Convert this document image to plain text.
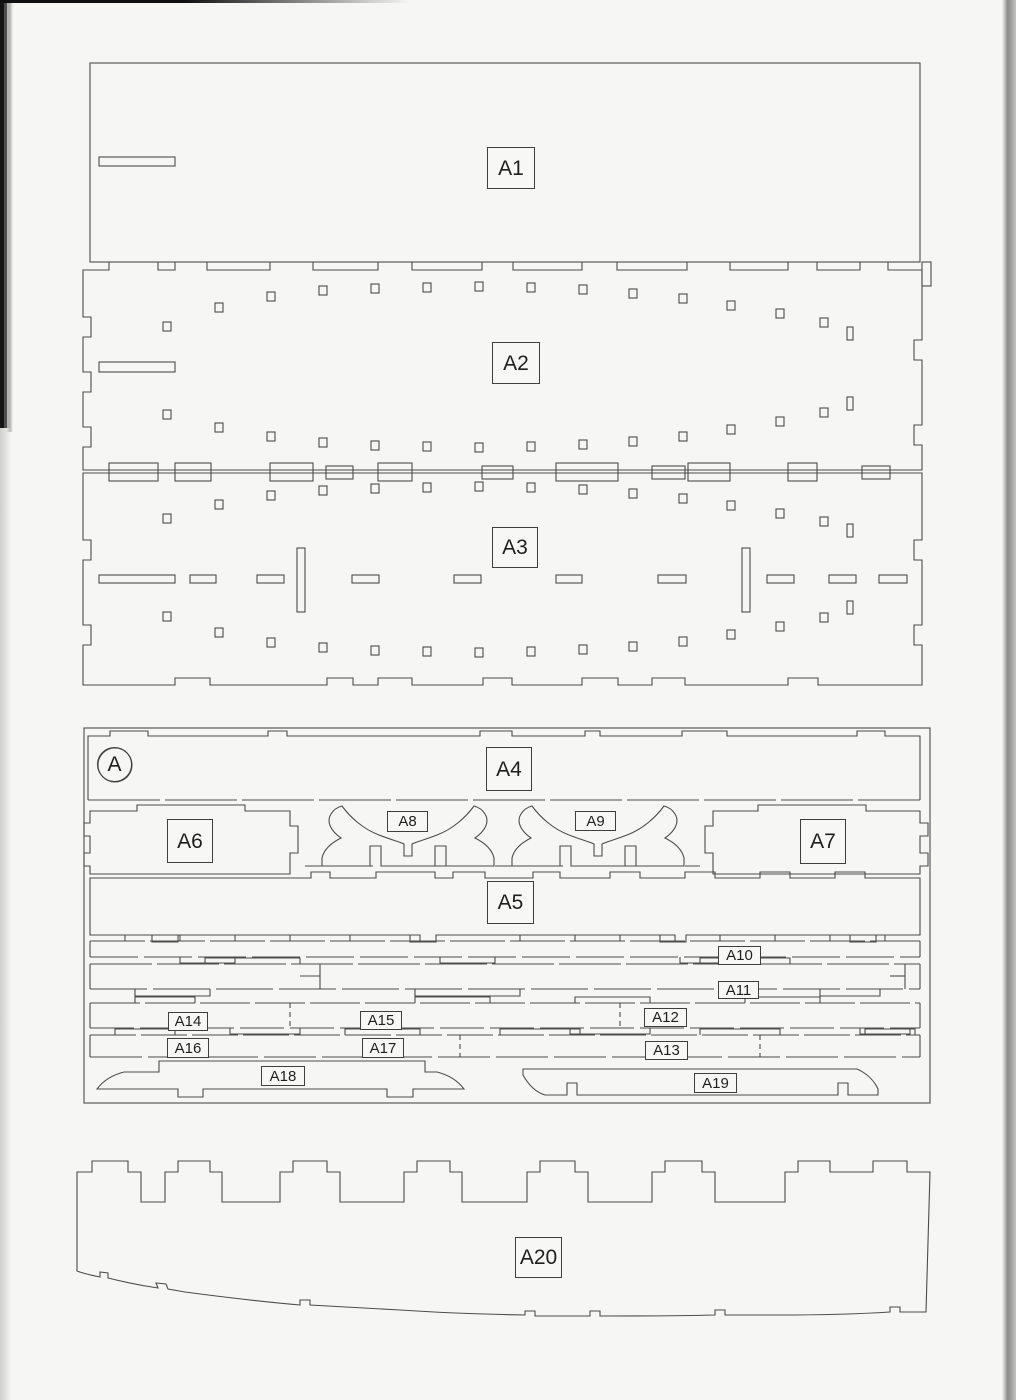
A
A1
A2
A3
A4
A5
A6	A7
A8	A9
A10
A11
A12
A13
A14	A15
A16	A17
A18	A19
A20
